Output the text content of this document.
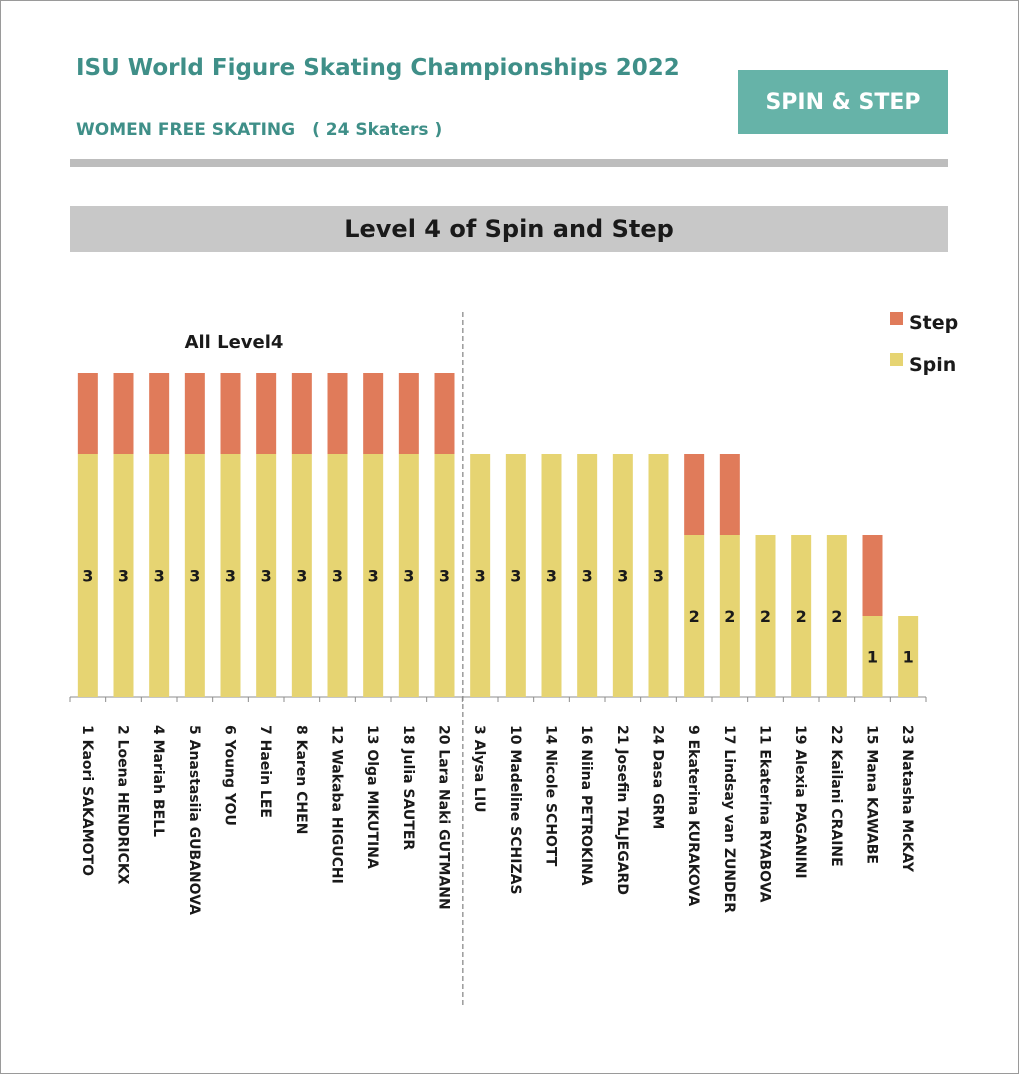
ISU World Figure Skating Championships 2022
WOMEN FREE SKATING　( 24 Skaters )
SPIN & STEP
Level 4 of Spin and Step
3
1 Kaori SAKAMOTO
3
2 Loena HENDRICKX
3
4 Mariah BELL
3
5 Anastasiia GUBANOVA
3
6 Young YOU
3
7 Haein LEE
3
8 Karen CHEN
3
12 Wakaba HIGUCHI
3
13 Olga MIKUTINA
3
18 Julia SAUTER
3
20 Lara Naki GUTMANN
3
3 Alysa LIU
3
10 Madeline SCHIZAS
3
14 Nicole SCHOTT
3
16 Niina PETROKINA
3
21 Josefin TALJEGARD
3
24 Dasa GRM
2
9 Ekaterina KURAKOVA
2
17 Lindsay van ZUNDER
2
11 Ekaterina RYABOVA
2
19 Alexia PAGANINI
2
22 Kailani CRAINE
1
15 Mana KAWABE
1
23 Natasha McKAY
All Level4
Step
Spin
